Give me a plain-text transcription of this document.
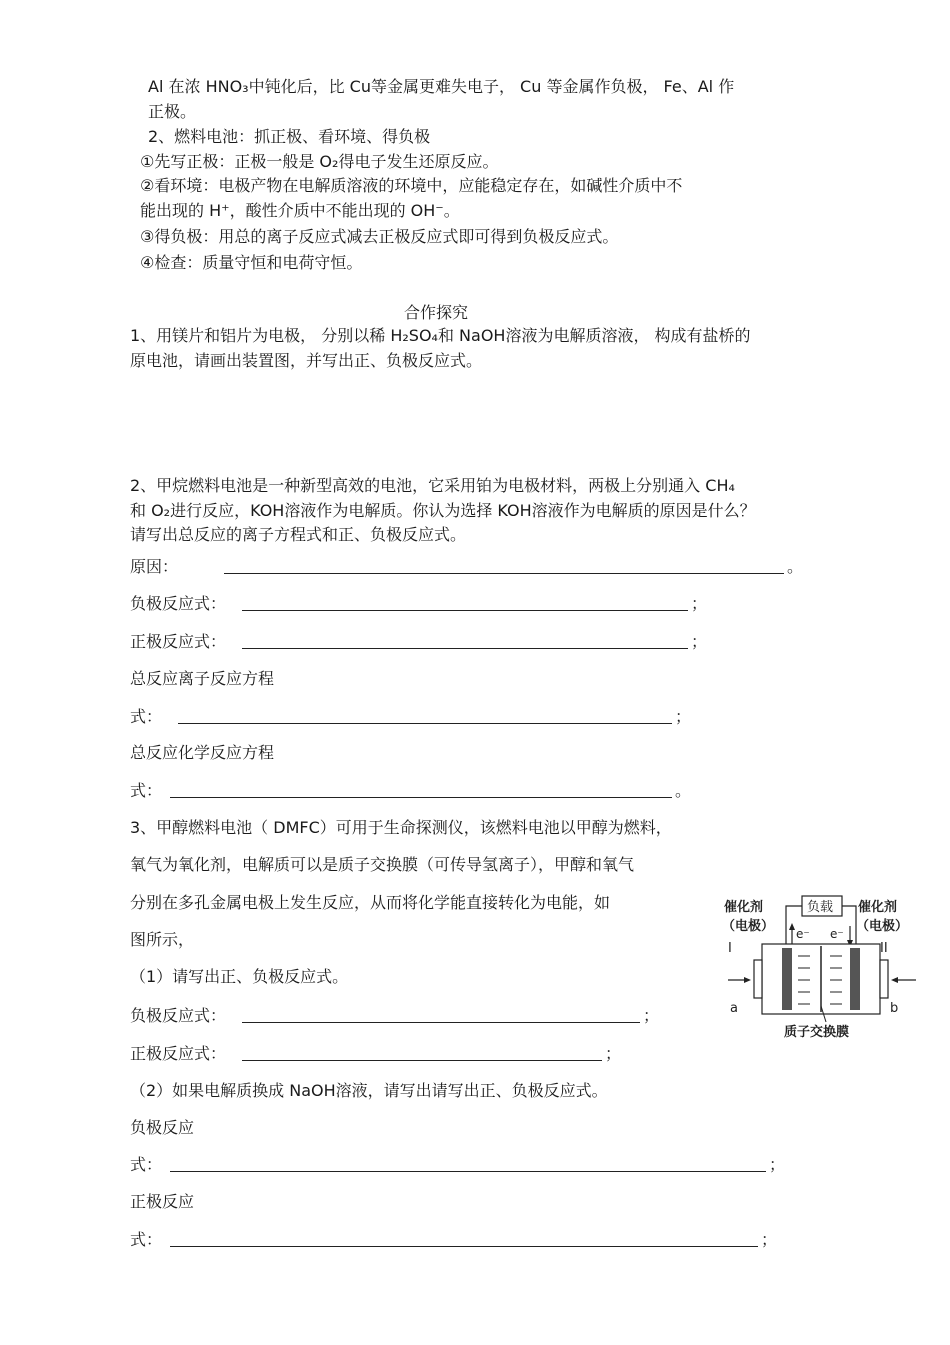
Al 在浓 HNO₃中钝化后，比 Cu等金属更难失电子， Cu 等金属作负极， Fe、Al 作
正极。
2、燃料电池：抓正极、看环境、得负极
①先写正极：正极一般是 O₂得电子发生还原反应。
②看环境：电极产物在电解质溶液的环境中，应能稳定存在，如碱性介质中不
能出现的 H⁺，酸性介质中不能出现的 OH⁻。
③得负极：用总的离子反应式减去正极反应式即可得到负极反应式。
④检查：质量守恒和电荷守恒。
合作探究
1、用镁片和铝片为电极， 分别以稀 H₂SO₄和 NaOH溶液为电解质溶液， 构成有盐桥的
原电池，请画出装置图，并写出正、负极反应式。
2、甲烷燃料电池是一种新型高效的电池，它采用铂为电极材料，两极上分别通入 CH₄
和 O₂进行反应，KOH溶液作为电解质。你认为选择 KOH溶液作为电解质的原因是什么？
请写出总反应的离子方程式和正、负极反应式。
原因：	。
负极反应式：	；
正极反应式：	；
总反应离子反应方程
式：	；
总反应化学反应方程
式：	。
3、甲醇燃料电池（ DMFC）可用于生命探测仪，该燃料电池以甲醇为燃料，
氧气为氧化剂，电解质可以是质子交换膜（可传导氢离子），甲醇和氧气
分别在多孔金属电极上发生反应，从而将化学能直接转化为电能，如
图所示，
（1）请写出正、负极反应式。
负极反应式：	；
正极反应式：	；
（2）如果电解质换成 NaOH溶液，请写出请写出正、负极反应式。
负极反应
式：	；
正极反应
式：	；
催化剂
（电极）
催化剂
（电极）
负载
e⁻ e⁻
I	II
a	b
质子交换膜
